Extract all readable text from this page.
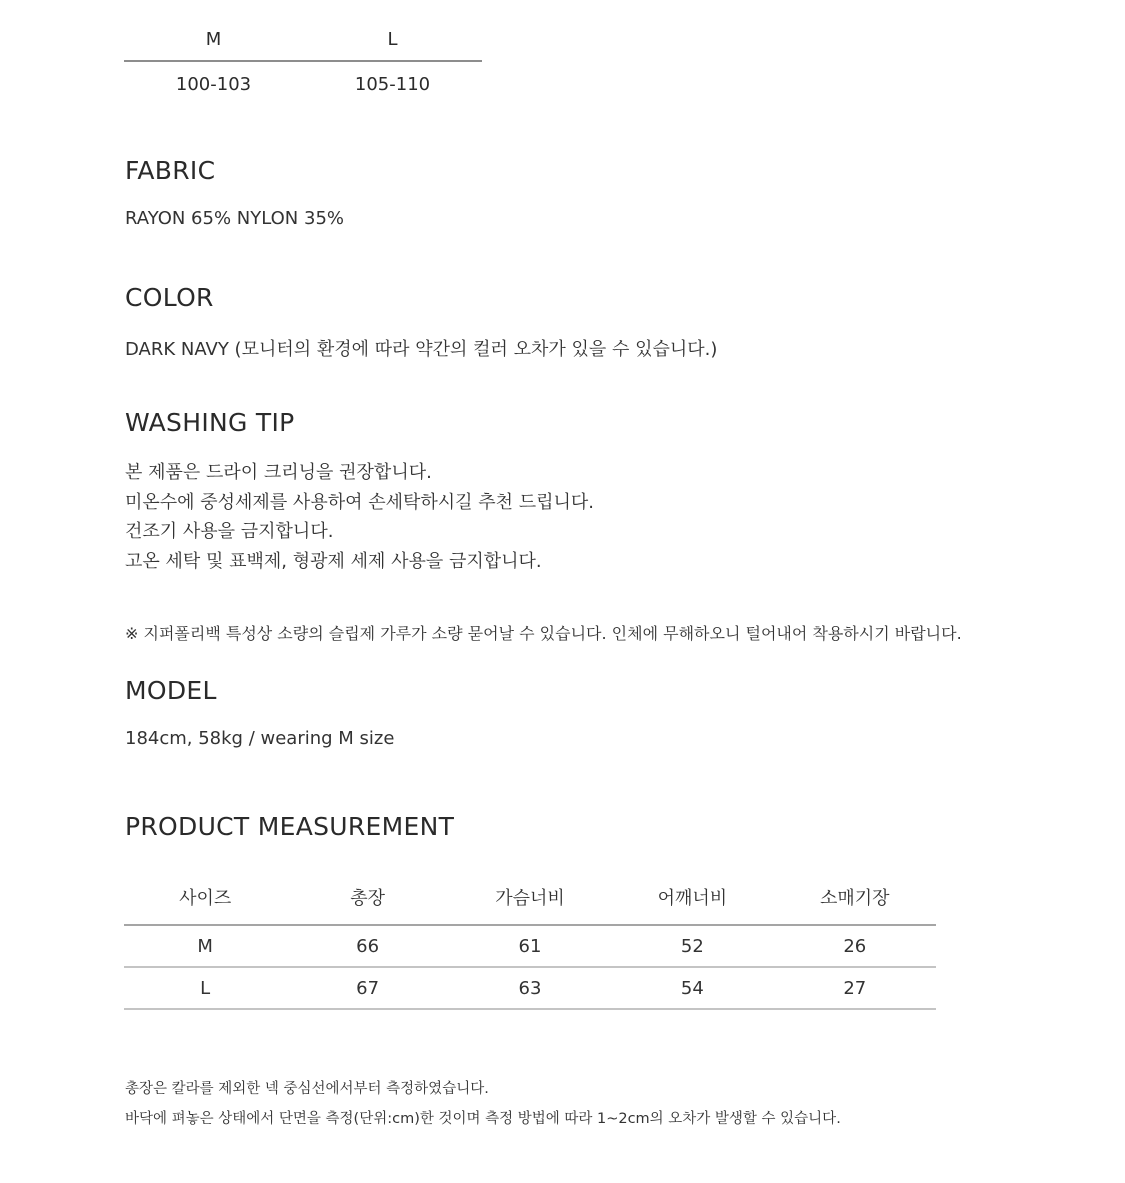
M	L
100-103	105-110
FABRIC

RAYON 65% NYLON 35%

COLOR

DARK NAVY (모니터의 환경에 따라 약간의 컬러 오차가 있을 수 있습니다.)

WASHING TIP
본 제품은 드라이 크리닝을 권장합니다.
미온수에 중성세제를 사용하여 손세탁하시길 추천 드립니다.
건조기 사용을 금지합니다.
고온 세탁 및 표백제, 형광제 세제 사용을 금지합니다.

※ 지퍼폴리백 특성상 소량의 슬립제 가루가 소량 묻어날 수 있습니다. 인체에 무해하오니 털어내어 착용하시기 바랍니다.

MODEL

184cm, 58kg / wearing M size

PRODUCT MEASUREMENT
사이즈	총장	가슴너비	어깨너비	소매기장
M	66	61	52	26
L	67	63	54	27
총장은 칼라를 제외한 넥 중심선에서부터 측정하였습니다.
바닥에 펴놓은 상태에서 단면을 측정(단위:cm)한 것이며 측정 방법에 따라 1~2cm의 오차가 발생할 수 있습니다.
